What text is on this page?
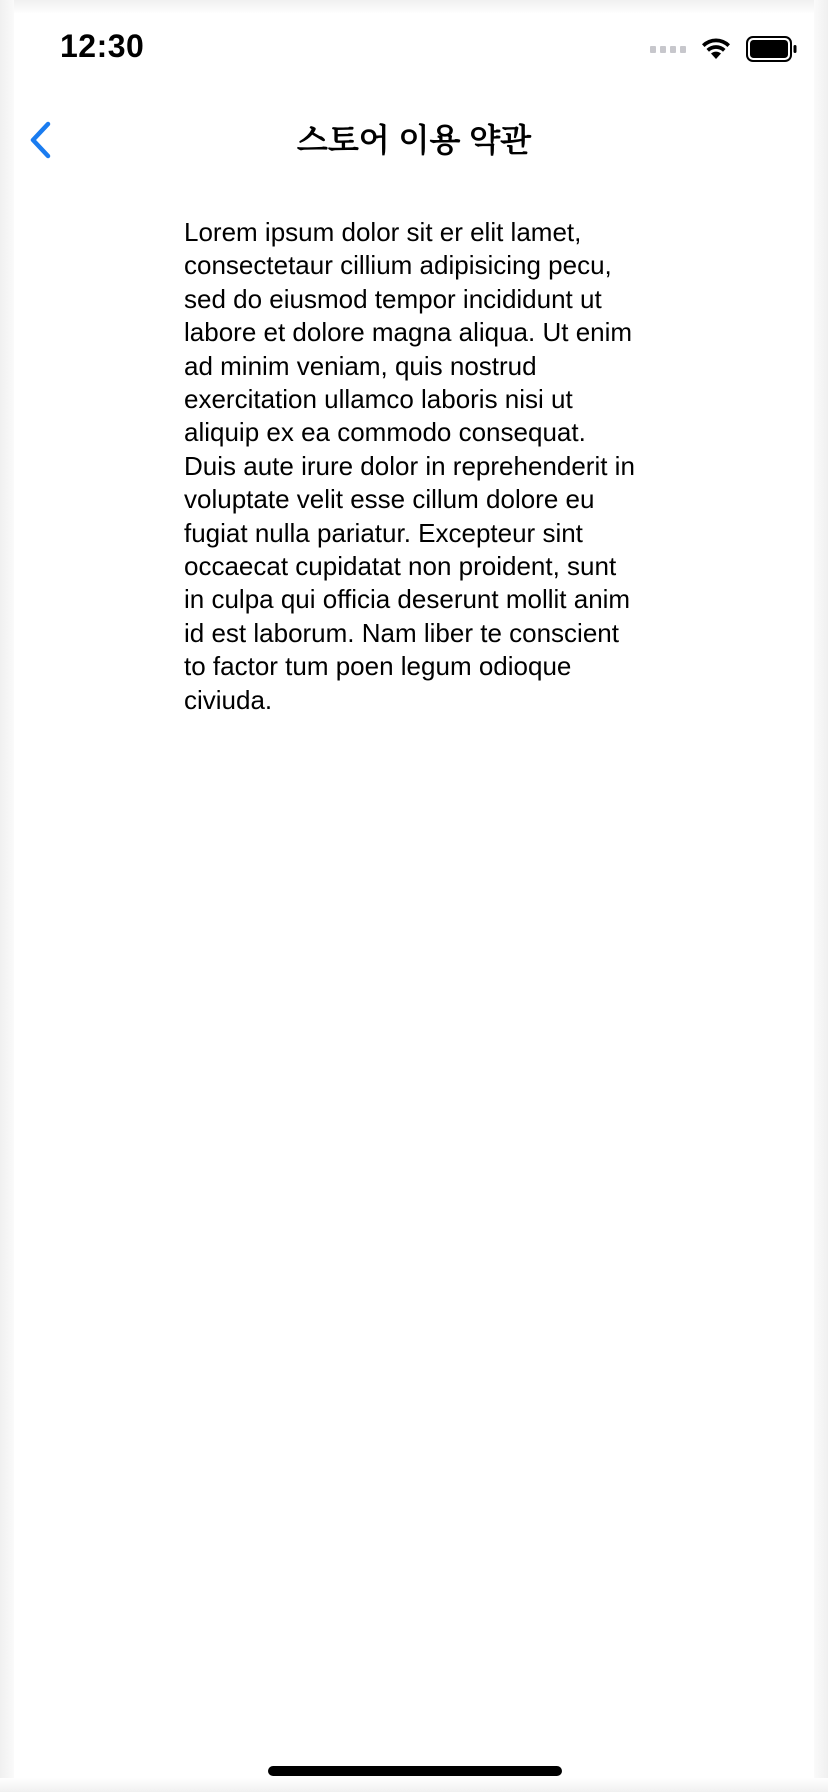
12:30
스토어 이용 약관

Lorem ipsum dolor sit er elit lamet, consectetaur cillium adipisicing pecu, sed do eiusmod tempor incididunt ut labore et dolore magna aliqua. Ut enim ad minim veniam, quis nostrud exercitation ullamco laboris nisi ut aliquip ex ea commodo consequat. Duis aute irure dolor in reprehenderit in voluptate velit esse cillum dolore eu fugiat nulla pariatur. Excepteur sint occaecat cupidatat non proident, sunt in culpa qui officia deserunt mollit anim id est laborum. Nam liber te conscient to factor tum poen legum odioque civiuda.
